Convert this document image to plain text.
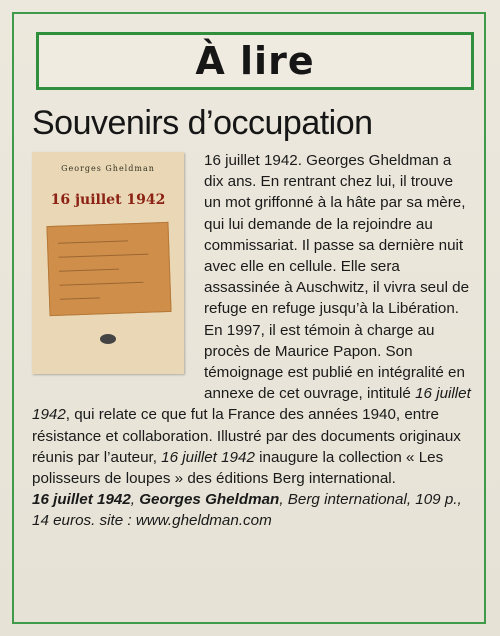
À lire
Souvenirs d’occupation
Georges Gheldman
16 juillet 1942

16 juillet 1942. Georges Gheldman a dix ans. En rentrant chez lui, il trouve un mot griffonné à la hâte par sa mère, qui lui demande de la rejoindre au commissariat. Il passe sa dernière nuit avec elle en cellule. Elle sera assassinée à Auschwitz, il vivra seul de refuge en refuge jusqu’à la Libération. En 1997, il est témoin à charge au procès de Maurice Papon. Son témoignage est publié en intégralité en annexe de cet ouvrage, intitulé 16 juillet 1942, qui relate ce que fut la France des années 1940, entre résistance et collaboration. Illustré par des documents originaux réunis par l’auteur, 16 juillet 1942 inaugure la collection « Les polisseurs de loupes » des éditions Berg international.

16 juillet 1942, Georges Gheldman, Berg international, 109 p., 14 euros. site : www.gheldman.com
